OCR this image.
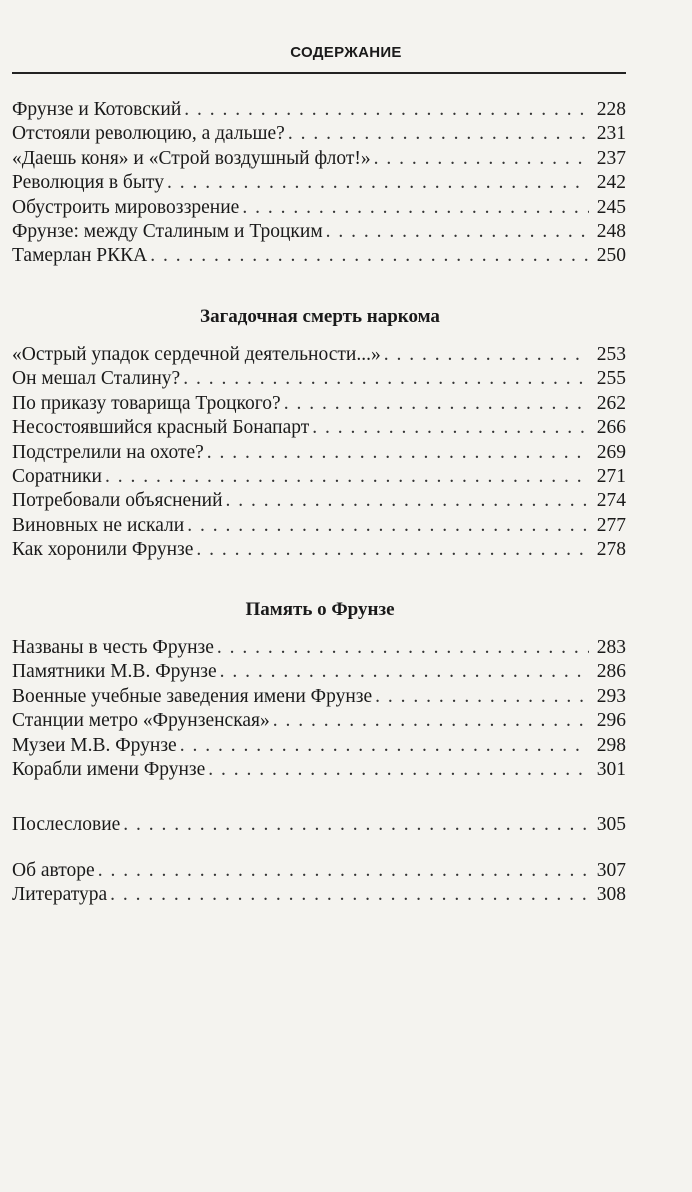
СОДЕРЖАНИЕ
Фрунзе и Котовский . . .	228
Отстояли революцию, а дальше? . . .	231
«Даешь коня» и «Строй воздушный флот!» . . .	237
Революция в быту . . .	242
Обустроить мировоззрение . . .	245
Фрунзе: между Сталиным и Троцким . . .	248
Тамерлан РККА . . .	250
Загадочная смерть наркома
«Острый упадок сердечной деятельности...» . . .	253
Он мешал Сталину? . . .	255
По приказу товарища Троцкого? . . .	262
Несостоявшийся красный Бонапарт . . .	266
Подстрелили на охоте? . . .	269
Соратники . . .	271
Потребовали объяснений . . .	274
Виновных не искали . . .	277
Как хоронили Фрунзе . . .	278
Память о Фрунзе
Названы в честь Фрунзе . . .	283
Памятники М.В. Фрунзе . . .	286
Военные учебные заведения имени Фрунзе . . .	293
Станции метро «Фрунзенская» . . .	296
Музеи М.В. Фрунзе . . .	298
Корабли имени Фрунзе . . .	301
Послесловие . . .	305
Об авторе . . .	307
Литература . . .	308
